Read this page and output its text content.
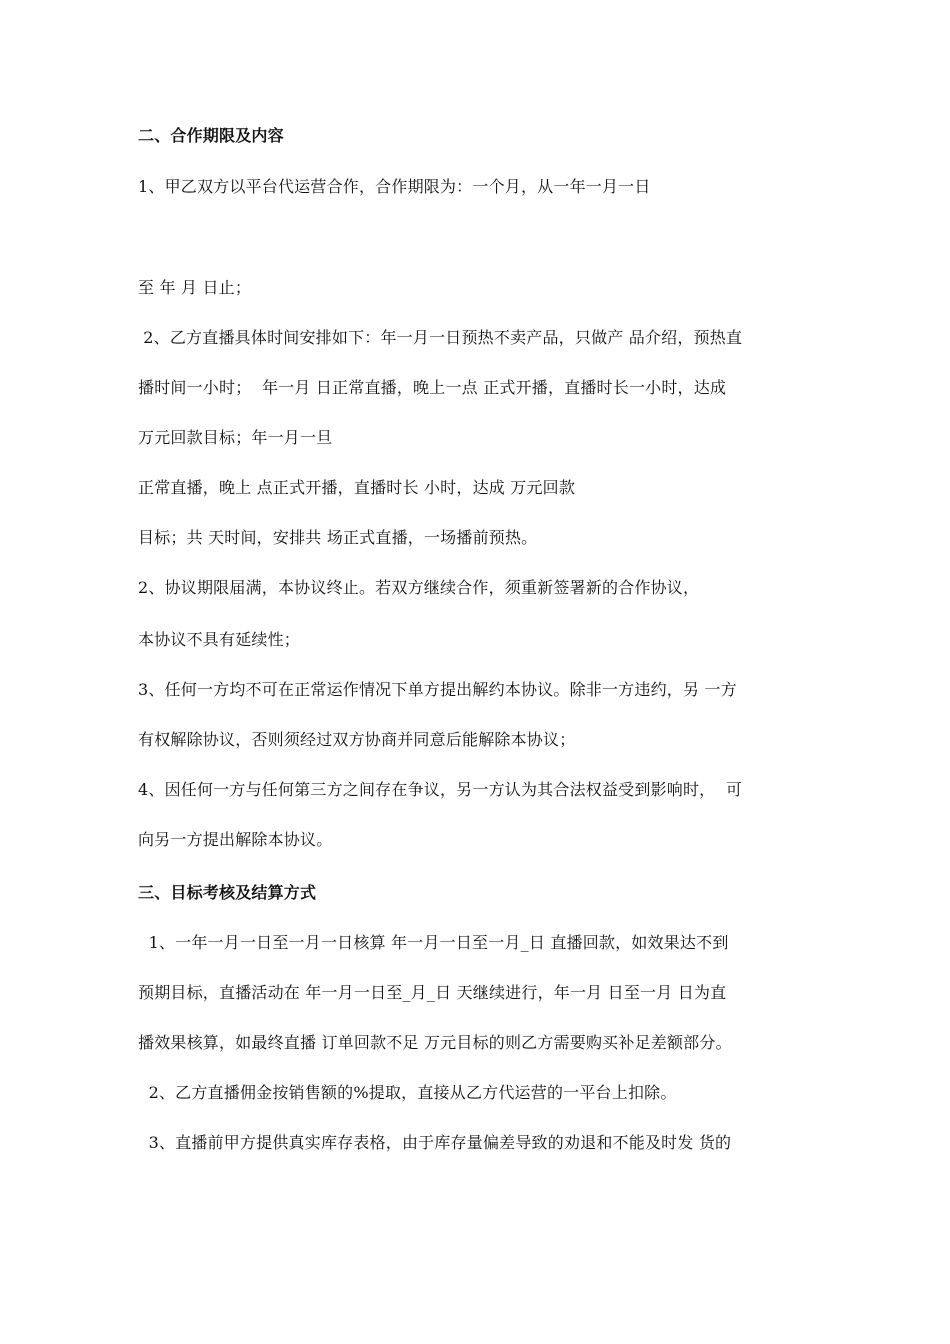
二、合作期限及内容
1、甲乙双方以平台代运营合作，合作期限为：一个月，从一年一月一日
至 年 月 日止；
2、乙方直播具体时间安排如下：年一月一日预热不卖产品，只做产 品介绍，预热直
播时间一小时；  年一月 日正常直播，晚上一点 正式开播，直播时长一小时，达成
万元回款目标；年一月一旦
正常直播，晚上 点正式开播，直播时长 小时，达成 万元回款
目标；共 天时间，安排共 场正式直播，一场播前预热。
2、协议期限届满，本协议终止。若双方继续合作，须重新签署新的合作协议，
本协议不具有延续性；
3、任何一方均不可在正常运作情况下单方提出解约本协议。除非一方违约，另 一方
有权解除协议，否则须经过双方协商并同意后能解除本协议；
4、因任何一方与任何第三方之间存在争议，另一方认为其合法权益受到影响时，  可
向另一方提出解除本协议。
三、目标考核及结算方式
1、一年一月一日至一月一日核算 年一月一日至一月_日 直播回款，如效果达不到
预期目标，直播活动在 年一月一日至_月_日 天继续进行，年一月 日至一月 日为直
播效果核算，如最终直播 订单回款不足 万元目标的则乙方需要购买补足差额部分。
2、乙方直播佣金按销售额的%提取，直接从乙方代运营的一平台上扣除。
3、直播前甲方提供真实库存表格，由于库存量偏差导致的劝退和不能及时发 货的
